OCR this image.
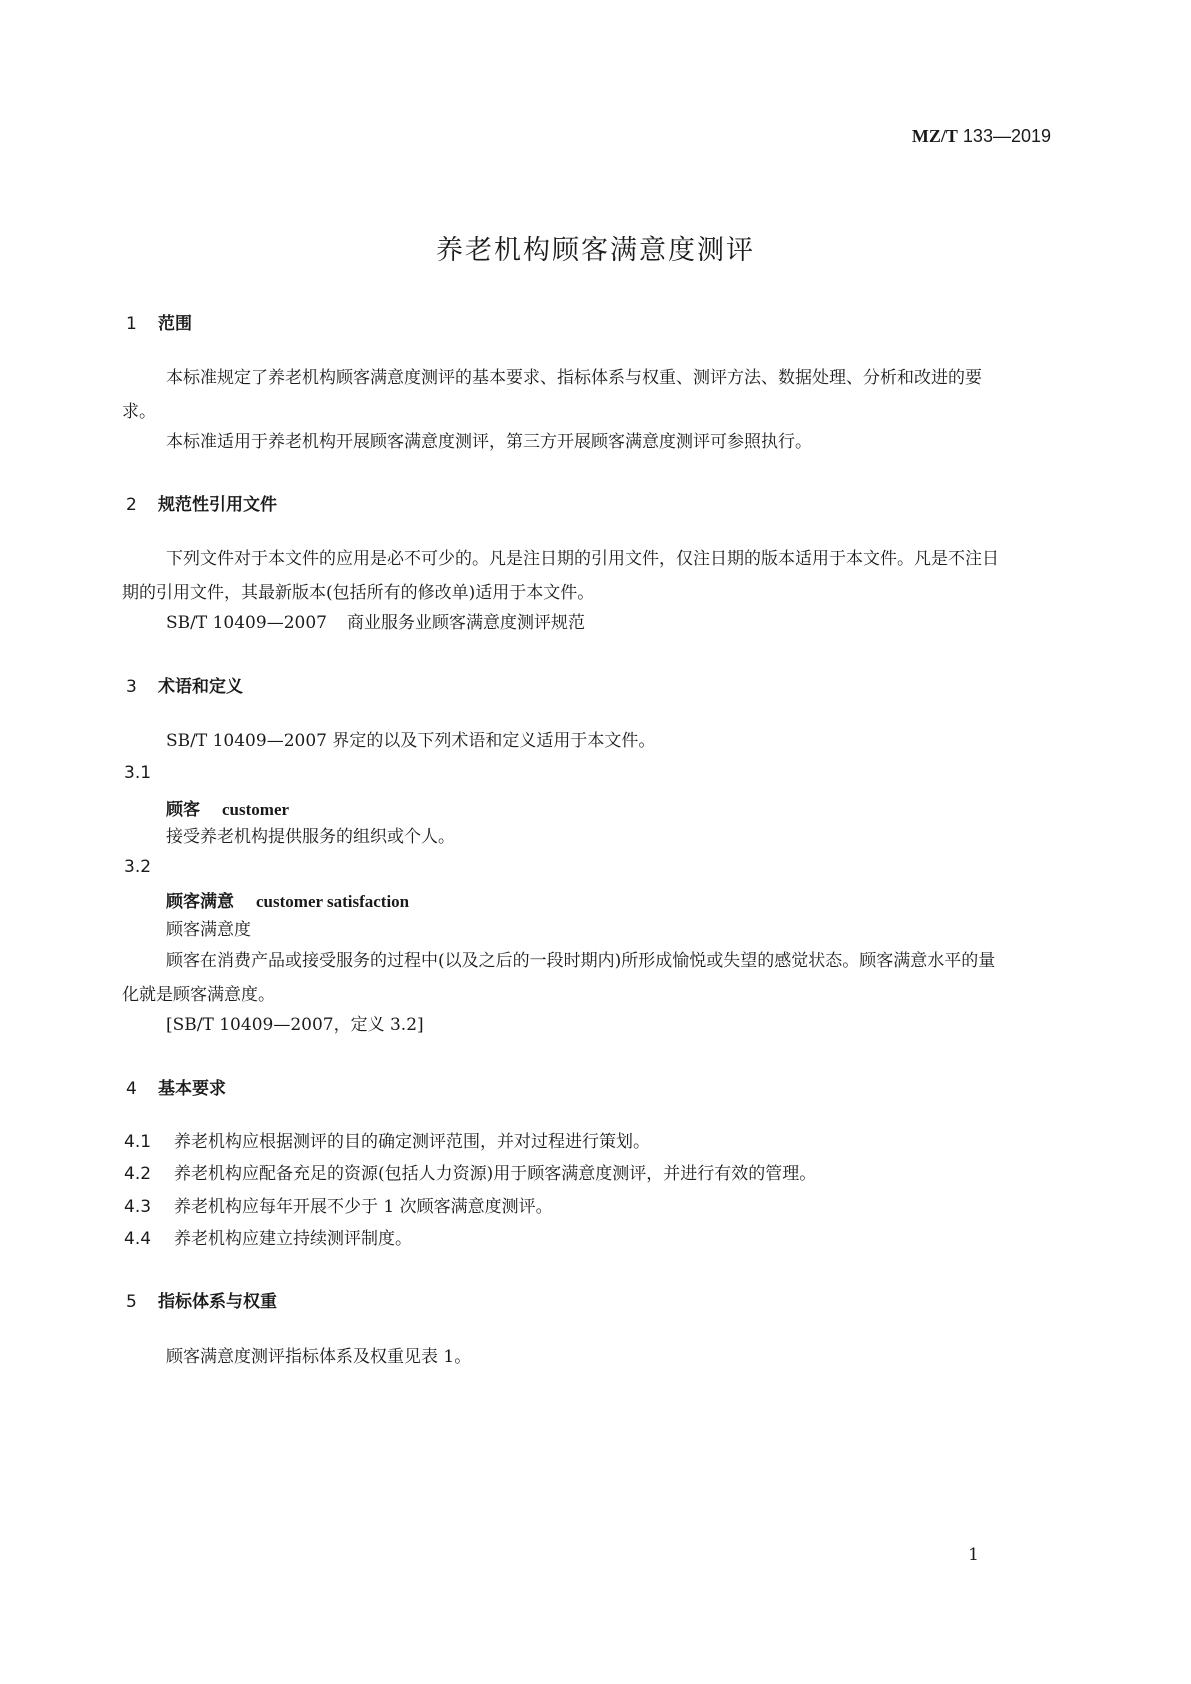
MZ/T 133—2019
养老机构顾客满意度测评
1 范围
本标准规定了养老机构顾客满意度测评的基本要求、指标体系与权重、测评方法、数据处理、分析和改进的要求。
本标准适用于养老机构开展顾客满意度测评，第三方开展顾客满意度测评可参照执行。
2 规范性引用文件
下列文件对于本文件的应用是必不可少的。凡是注日期的引用文件，仅注日期的版本适用于本文件。凡是不注日期的引用文件，其最新版本(包括所有的修改单)适用于本文件。
SB/T 10409—2007 商业服务业顾客满意度测评规范
3 术语和定义
SB/T 10409—2007 界定的以及下列术语和定义适用于本文件。
3.1
顾客 customer
接受养老机构提供服务的组织或个人。
3.2
顾客满意 customer satisfaction
顾客满意度
顾客在消费产品或接受服务的过程中(以及之后的一段时期内)所形成愉悦或失望的感觉状态。顾客满意水平的量化就是顾客满意度。
[SB/T 10409—2007，定义 3.2]
4 基本要求
4.1 养老机构应根据测评的目的确定测评范围，并对过程进行策划。
4.2 养老机构应配备充足的资源(包括人力资源)用于顾客满意度测评，并进行有效的管理。
4.3 养老机构应每年开展不少于 1 次顾客满意度测评。
4.4 养老机构应建立持续测评制度。
5 指标体系与权重
顾客满意度测评指标体系及权重见表 1。
1
